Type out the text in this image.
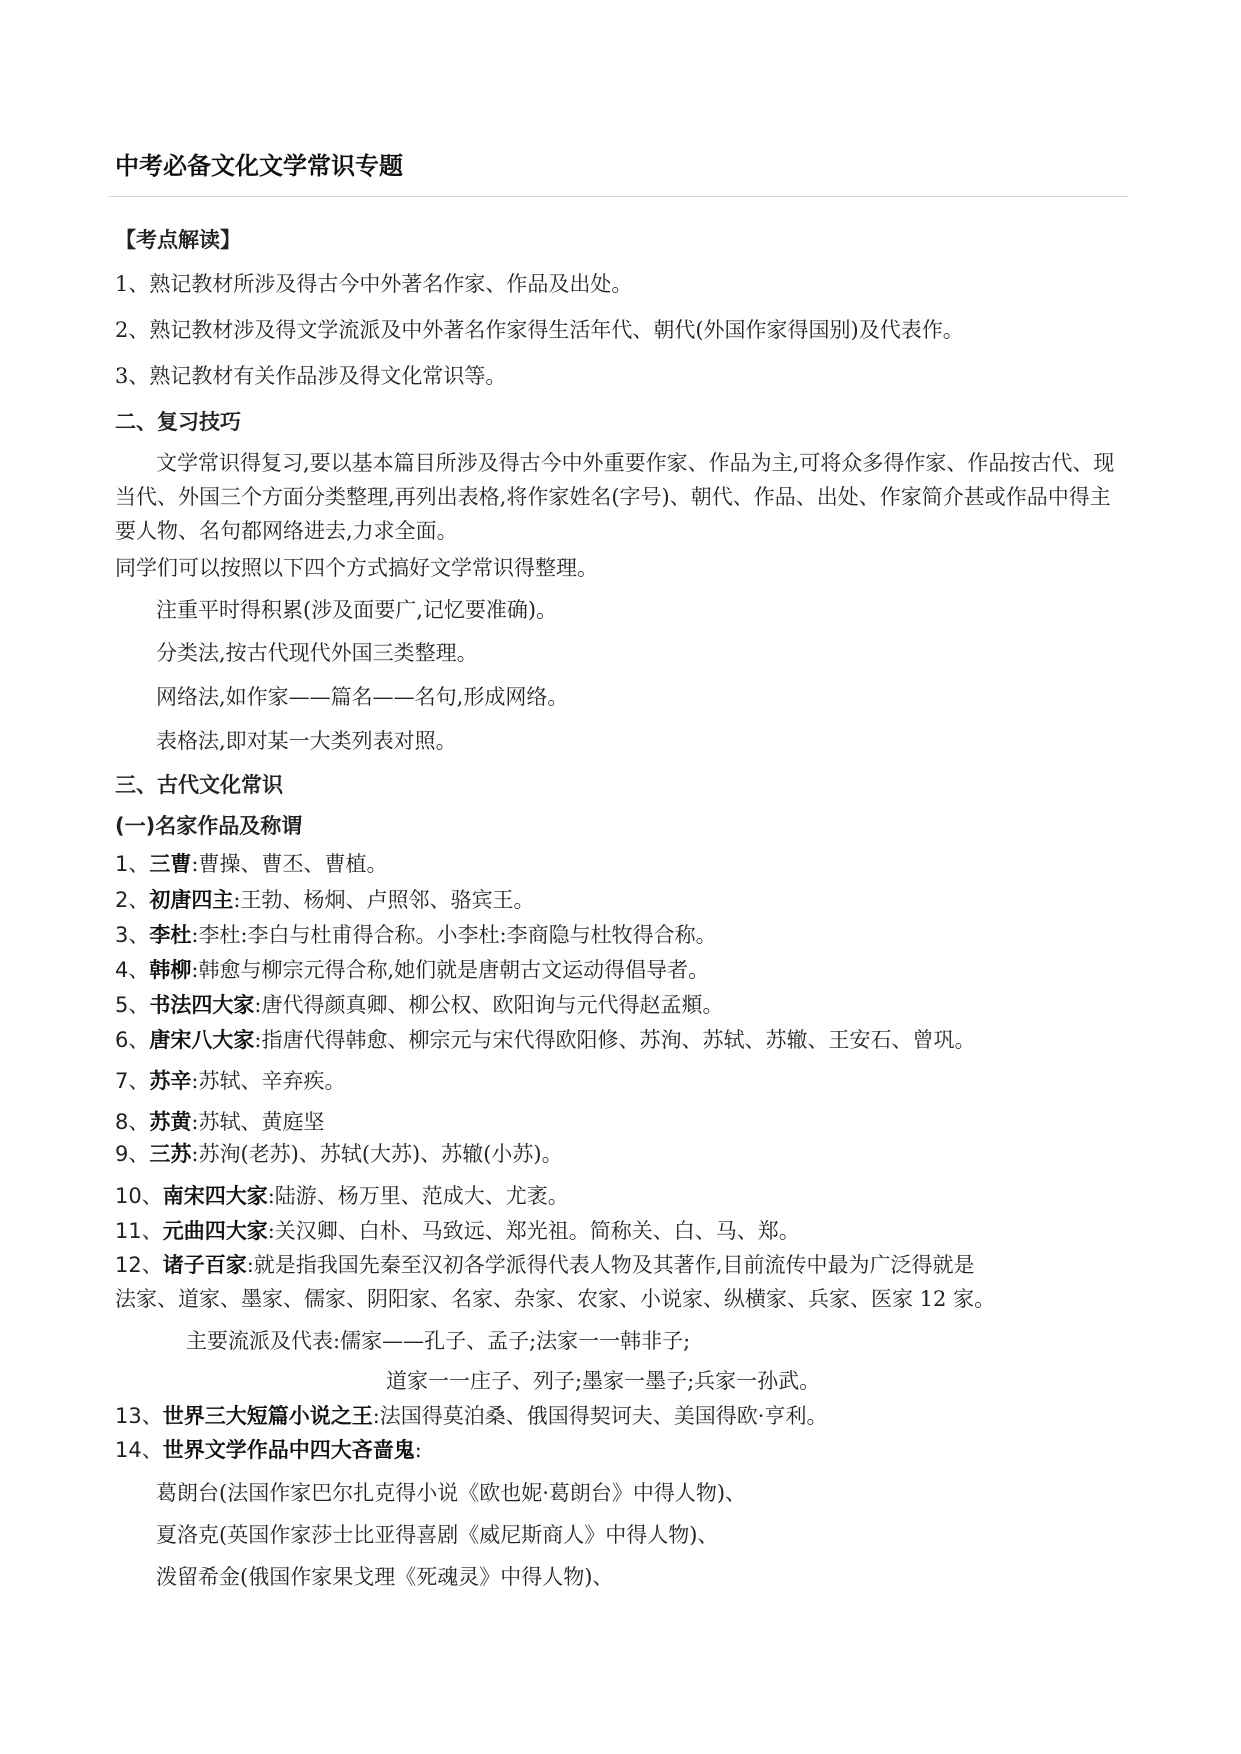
中考必备文化文学常识专题
【考点解读】
1、熟记教材所涉及得古今中外著名作家、作品及出处。
2、熟记教材涉及得文学流派及中外著名作家得生活年代、朝代(外国作家得国别)及代表作。
3、熟记教材有关作品涉及得文化常识等。
二、复习技巧
文学常识得复习,要以基本篇目所涉及得古今中外重要作家、作品为主,可将众多得作家、作品按古代、现当代、外国三个方面分类整理,再列出表格,将作家姓名(字号)、朝代、作品、出处、作家简介甚或作品中得主要人物、名句都网络进去,力求全面。
同学们可以按照以下四个方式搞好文学常识得整理。
注重平时得积累(涉及面要广,记忆要准确)。
分类法,按古代现代外国三类整理。
网络法,如作家——篇名——名句,形成网络。
表格法,即对某一大类列表对照。
三、古代文化常识
(一)名家作品及称谓
1、三曹:曹操、曹丕、曹植。
2、初唐四主:王勃、杨炯、卢照邻、骆宾王。
3、李杜:李杜:李白与杜甫得合称。小李杜:李商隐与杜牧得合称。
4、韩柳:韩愈与柳宗元得合称,她们就是唐朝古文运动得倡导者。
5、书法四大家:唐代得颜真卿、柳公权、欧阳询与元代得赵孟頫。
6、唐宋八大家:指唐代得韩愈、柳宗元与宋代得欧阳修、苏洵、苏轼、苏辙、王安石、曾巩。
7、苏辛:苏轼、辛弃疾。
8、苏黄:苏轼、黄庭坚
9、三苏:苏洵(老苏)、苏轼(大苏)、苏辙(小苏)。
10、南宋四大家:陆游、杨万里、范成大、尤袤。
11、元曲四大家:关汉卿、白朴、马致远、郑光祖。简称关、白、马、郑。
12、诸子百家:就是指我国先秦至汉初各学派得代表人物及其著作,目前流传中最为广泛得就是
法家、道家、墨家、儒家、阴阳家、名家、杂家、农家、小说家、纵横家、兵家、医家 12 家。
主要流派及代表:儒家——孔子、孟子;法家一一韩非子;
道家一一庄子、列子;墨家一墨子;兵家一孙武。
13、世界三大短篇小说之王:法国得莫泊桑、俄国得契诃夫、美国得欧·亨利。
14、世界文学作品中四大吝啬鬼:
葛朗台(法国作家巴尔扎克得小说《欧也妮·葛朗台》中得人物)、
夏洛克(英国作家莎士比亚得喜剧《威尼斯商人》中得人物)、
泼留希金(俄国作家果戈理《死魂灵》中得人物)、
